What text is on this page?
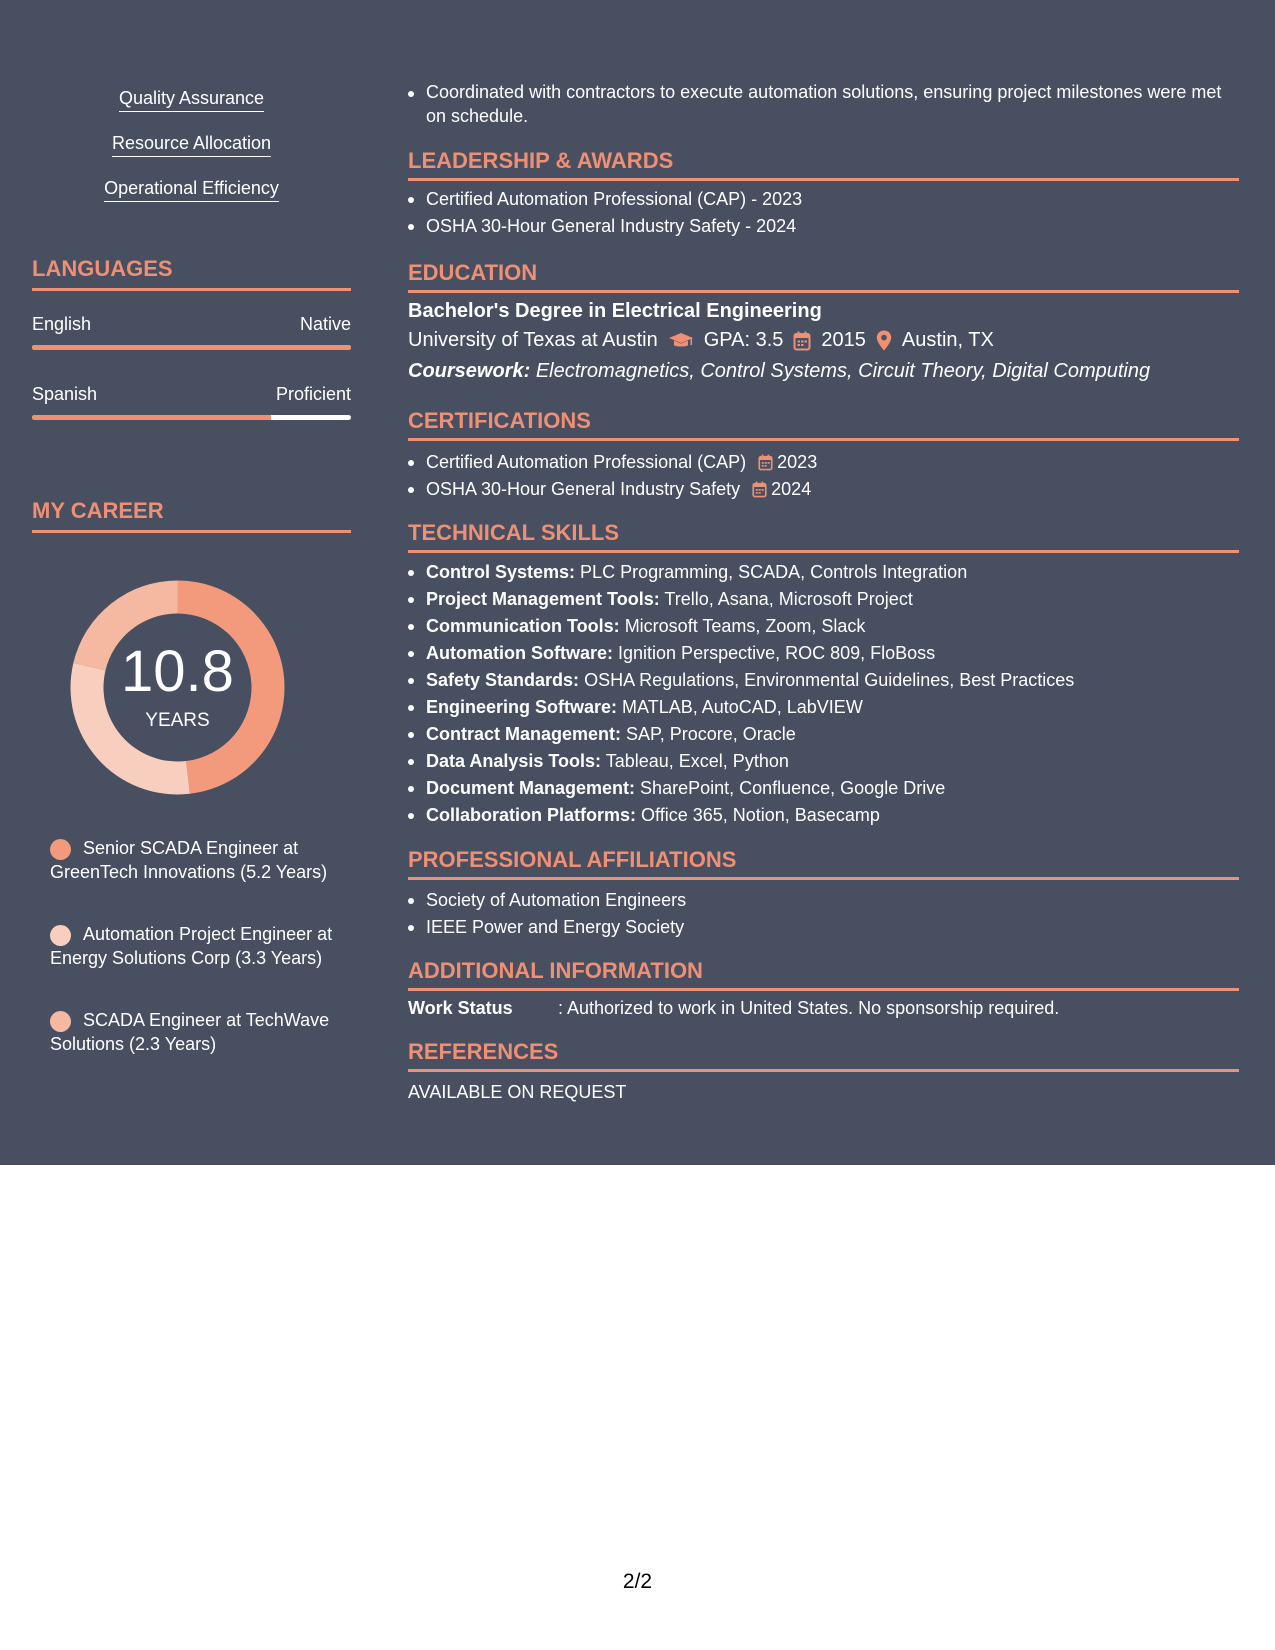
Quality Assurance
Resource Allocation
Operational Efficiency
LANGUAGES
English	Native
Spanish	Proficient
MY CAREER
10.8
YEARS
Senior SCADA Engineer at GreenTech Innovations (5.2 Years)
Automation Project Engineer at Energy Solutions Corp (3.3 Years)
SCADA Engineer at TechWave Solutions (2.3 Years)
Coordinated with contractors to execute automation solutions, ensuring project milestones were met on schedule.
LEADERSHIP & AWARDS
Certified Automation Professional (CAP) - 2023
OSHA 30-Hour General Industry Safety - 2024
EDUCATION
Bachelor's Degree in Electrical Engineering
University of Texas at Austin GPA: 3.5 2015 Austin, TX
Coursework: Electromagnetics, Control Systems, Circuit Theory, Digital Computing
CERTIFICATIONS
Certified Automation Professional (CAP) 2023
OSHA 30-Hour General Industry Safety 2024
TECHNICAL SKILLS
Control Systems: PLC Programming, SCADA, Controls Integration
Project Management Tools: Trello, Asana, Microsoft Project
Communication Tools: Microsoft Teams, Zoom, Slack
Automation Software: Ignition Perspective, ROC 809, FloBoss
Safety Standards: OSHA Regulations, Environmental Guidelines, Best Practices
Engineering Software: MATLAB, AutoCAD, LabVIEW
Contract Management: SAP, Procore, Oracle
Data Analysis Tools: Tableau, Excel, Python
Document Management: SharePoint, Confluence, Google Drive
Collaboration Platforms: Office 365, Notion, Basecamp
PROFESSIONAL AFFILIATIONS
Society of Automation Engineers
IEEE Power and Energy Society
ADDITIONAL INFORMATION
Work Status	: Authorized to work in United States. No sponsorship required.
REFERENCES
AVAILABLE ON REQUEST
2/2
